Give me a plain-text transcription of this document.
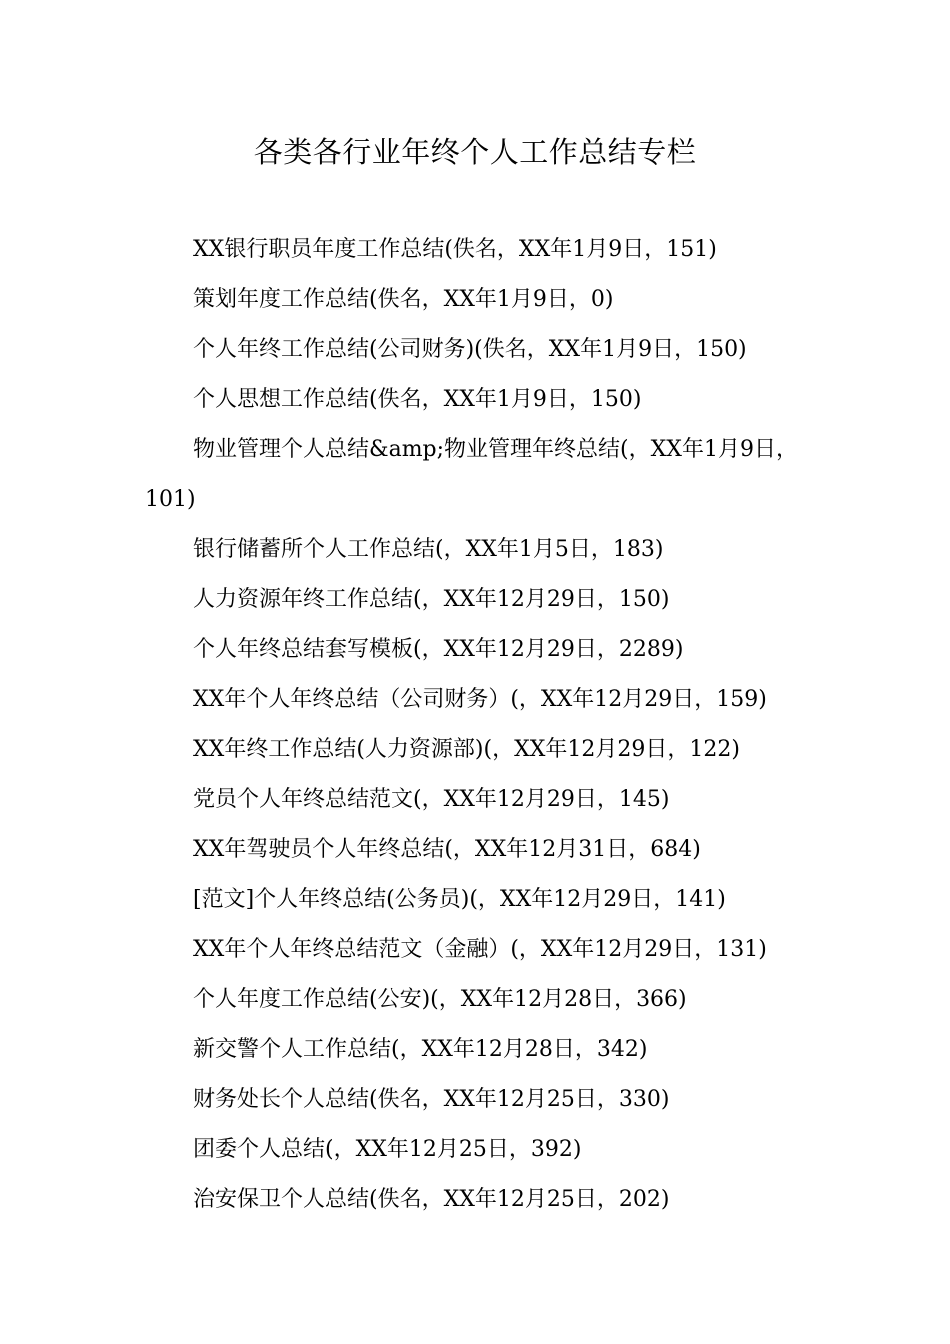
各类各行业年终个人工作总结专栏

XX银行职员年度工作总结(佚名，XX年1月9日，151)

策划年度工作总结(佚名，XX年1月9日，0)

个人年终工作总结(公司财务)(佚名，XX年1月9日，150)

个人思想工作总结(佚名，XX年1月9日，150)

物业管理个人总结&amp;物业管理年终总结(，XX年1月9日，101)

银行储蓄所个人工作总结(，XX年1月5日，183)

人力资源年终工作总结(，XX年12月29日，150)

个人年终总结套写模板(，XX年12月29日，2289)

XX年个人年终总结（公司财务）(，XX年12月29日，159)

XX年终工作总结(人力资源部)(，XX年12月29日，122)

党员个人年终总结范文(，XX年12月29日，145)

XX年驾驶员个人年终总结(，XX年12月31日，684)

[范文]个人年终总结(公务员)(，XX年12月29日，141)

XX年个人年终总结范文（金融）(，XX年12月29日，131)

个人年度工作总结(公安)(，XX年12月28日，366)

新交警个人工作总结(，XX年12月28日，342)

财务处长个人总结(佚名，XX年12月25日，330)

团委个人总结(，XX年12月25日，392)

治安保卫个人总结(佚名，XX年12月25日，202)
